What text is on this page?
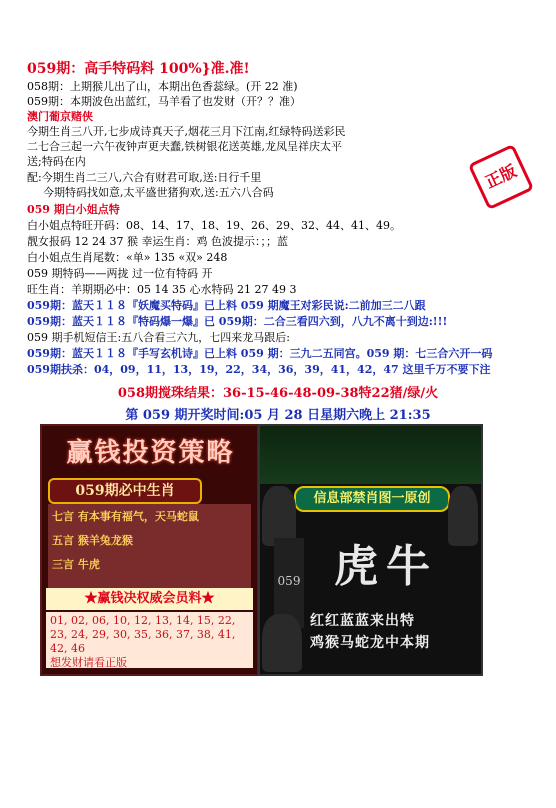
059期：高手特码料 100%}准.准!
058期：上期猴儿出了山，本期出色香蕊绿。(开 22 准)
059期：本期波色出蓝红，马羊看了也发财（开？？准）
澳门葡京赌侠
今期生肖三八开,七步成诗真天子,烟花三月下江南,红绿特码送彩民
二七合三起一六午夜钟声更夫蠢,铁树银花送英雄,龙凤呈祥庆太平
送;特码在内
配:今期生肖二三八,六合有财君可取,送:日行千里
今期特码找如意,太平盛世猪狗欢,送:五六八合码
正版
059 期白小姐点特
白小姐点特旺开码：08、14、17、18、19、26、29、32、44、41、49。
靓女报码 12 24 37 猴 幸运生肖：鸡 色波提示：；；蓝
白小姐点生肖尾数：«单» 135 «双» 248
059 期特码——两拢 过一位有特码 开
旺生肖：羊期期必中：05 14 35 心水特码 21 27 49 3
059期：蓝天１１８『妖魔买特码』已上料 059 期魔王对彩民说:二前加三二八跟
059期：蓝天１１８『特码爆一爆』已 059期：二合三看四六到，八九不离十到边:!!!
059 期手机短信王:五八合看三六九，七四来龙马跟后:
059期：蓝天１１８『手写玄机诗』已上料 059 期：三九二五同宫。059 期：七三合六开一码
059期扶杀：04，09，11，13，19，22，34，36，39，41，42，47 这里千万不要下注
058期搅珠结果：36-15-46-48-09-38特22猪/绿/火
第 059 期开奖时间:05 月 28 日星期六晚上 21:35
赢钱投资策略
059期必中生肖
七言 有本事有福气，天马蛇鼠
五言 猴羊兔龙猴
三言 牛虎
★赢钱决权威会员料★
01, 02, 06, 10, 12, 13, 14, 15, 22, 23, 24, 29, 30, 35, 36, 37, 38, 41, 42, 46
想发财请看正版
信息部禁肖图一原创
059 虎牛
红红蓝蓝来出特
鸡猴马蛇龙中本期
